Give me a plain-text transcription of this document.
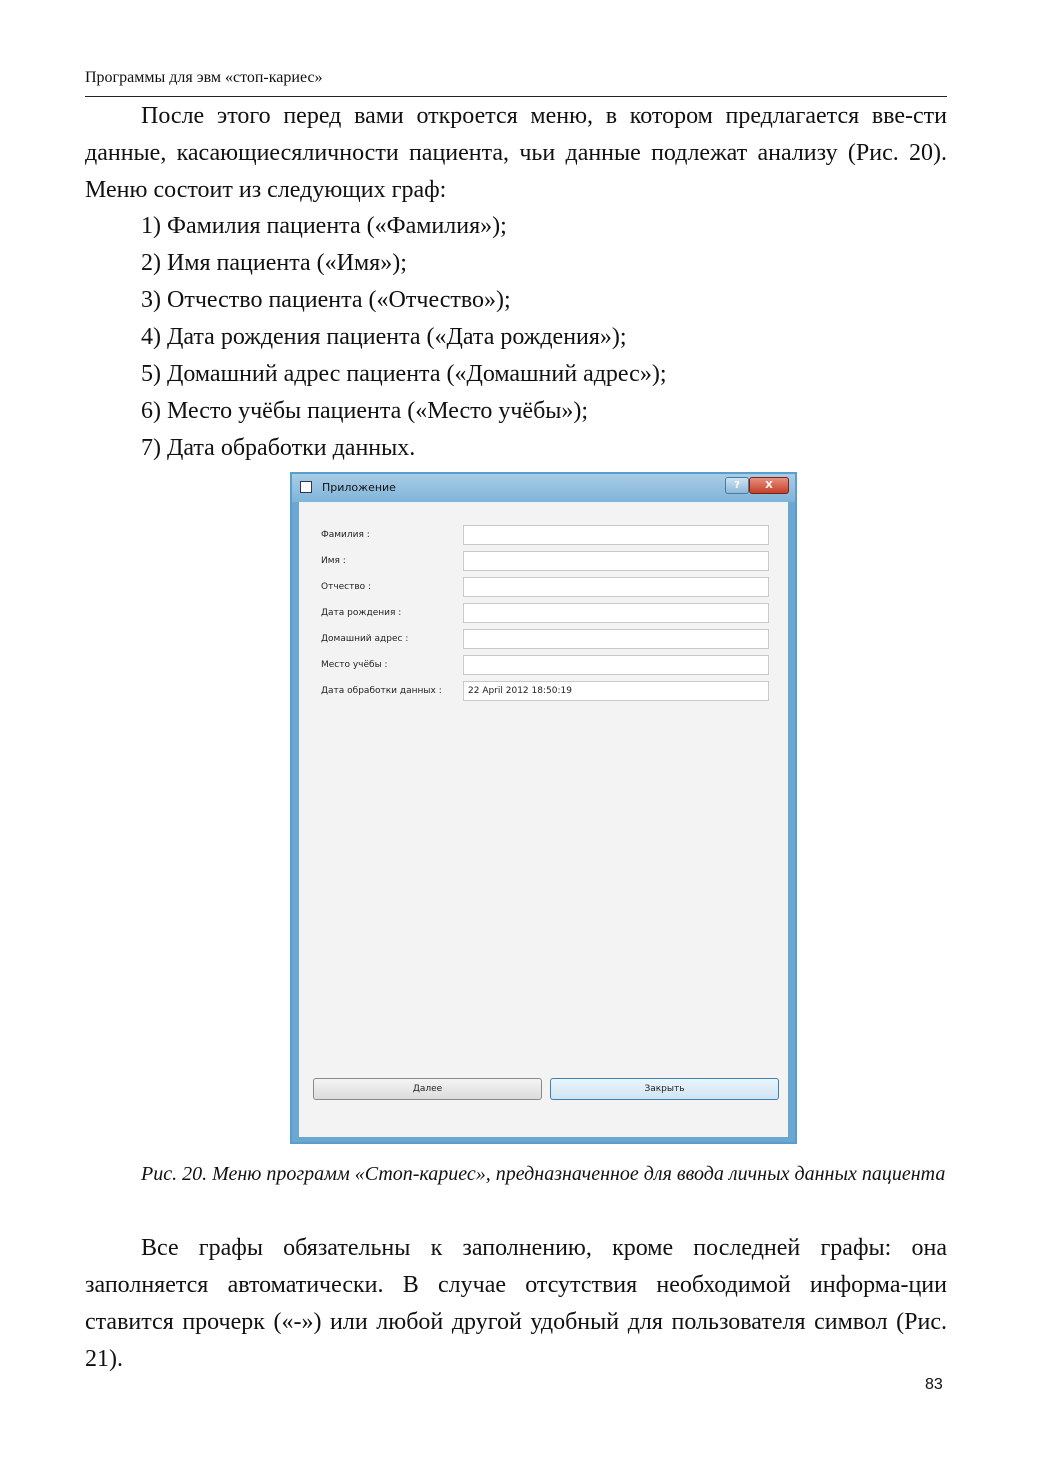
Программы для эвм «стоп-кариес»

После этого перед вами откроется меню, в котором предлагается вве-сти данные, касающиесяличности пациента, чьи данные подлежат анализу (Рис. 20). Меню состоит из следующих граф:

1) Фамилия пациента («Фамилия»);
2) Имя пациента («Имя»);
3) Отчество пациента («Отчество»);
4) Дата рождения пациента («Дата рождения»);
5) Домашний адрес пациента («Домашний адрес»);
6) Место учёбы пациента («Место учёбы»);
7) Дата обработки данных.
Приложение	?	X
Фамилия :
Имя :
Отчество :
Дата рождения :
Домашний адрес :
Место учёбы :
Дата обработки данных :	22 April 2012 18:50:19
Далее	Закрыть

Рис. 20. Меню программ «Стоп-кариес», предназначенное для ввода личных данных пациента

Все графы обязательны к заполнению, кроме последней графы: она заполняется автоматически. В случае отсутствия необходимой информа-ции ставится прочерк («-») или любой другой удобный для пользователя символ (Рис. 21).

83
